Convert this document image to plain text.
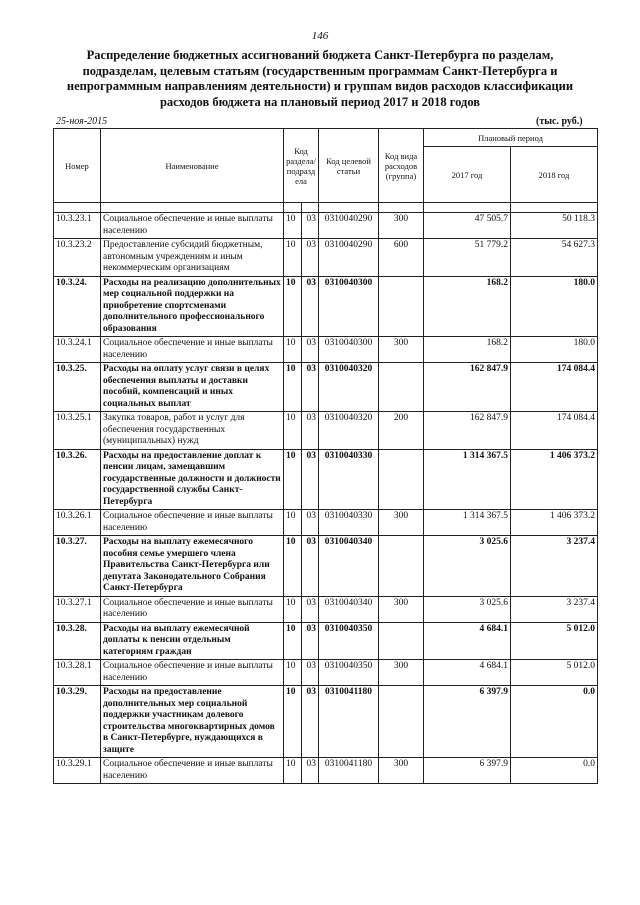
146
Распределение бюджетных ассигнований бюджета Санкт-Петербурга по разделам, подразделам, целевым статьям (государственным программам Санкт-Петербурга и непрограммным направлениям деятельности) и группам видов расходов классификации расходов бюджета на плановый период 2017 и 2018 годов
25-ноя-2015	(тыс. руб.)
Номер	Наименование	Код раздела/ подразд ела		Код целевой статьи	Код вида расходов (группа)	Плановый период	
						2017 год	2018 год

10.3.23.1	Социальное обеспечение и иные выплаты населению	10	03	0310040290	300	47 505.7	50 118.3
10.3.23.2	Предоставление субсидий бюджетным, автономным учреждениям и иным некоммерческим организациям	10	03	0310040290	600	51 779.2	54 627.3
10.3.24.	Расходы на реализацию дополнительных мер социальной поддержки на приобретение спортсменами дополнительного профессионального образования	10	03	0310040300		168.2	180.0
10.3.24.1	Социальное обеспечение и иные выплаты населению	10	03	0310040300	300	168.2	180.0
10.3.25.	Расходы на оплату услуг связи в целях обеспечения выплаты и доставки пособий, компенсаций и иных социальных выплат	10	03	0310040320		162 847.9	174 084.4
10.3.25.1	Закупка товаров, работ и услуг для обеспечения государственных (муниципальных) нужд	10	03	0310040320	200	162 847.9	174 084.4
10.3.26.	Расходы на предоставление доплат к пенсии лицам, замещавшим государственные должности и должности государственной службы Санкт-Петербурга	10	03	0310040330		1 314 367.5	1 406 373.2
10.3.26.1	Социальное обеспечение и иные выплаты населению	10	03	0310040330	300	1 314 367.5	1 406 373.2
10.3.27.	Расходы на выплату ежемесячного пособия семье умершего члена Правительства Санкт-Петербурга или депутата Законодательного Собрания Санкт-Петербурга	10	03	0310040340		3 025.6	3 237.4
10.3.27.1	Социальное обеспечение и иные выплаты населению	10	03	0310040340	300	3 025.6	3 237.4
10.3.28.	Расходы на выплату ежемесячной доплаты к пенсии отдельным категориям граждан	10	03	0310040350		4 684.1	5 012.0
10.3.28.1	Социальное обеспечение и иные выплаты населению	10	03	0310040350	300	4 684.1	5 012.0
10.3.29.	Расходы на предоставление дополнительных мер социальной поддержки участникам долевого строительства многоквартирных домов в Санкт-Петербурге, нуждающихся в защите	10	03	0310041180		6 397.9	0.0
10.3.29.1	Социальное обеспечение и иные выплаты населению	10	03	0310041180	300	6 397.9	0.0
